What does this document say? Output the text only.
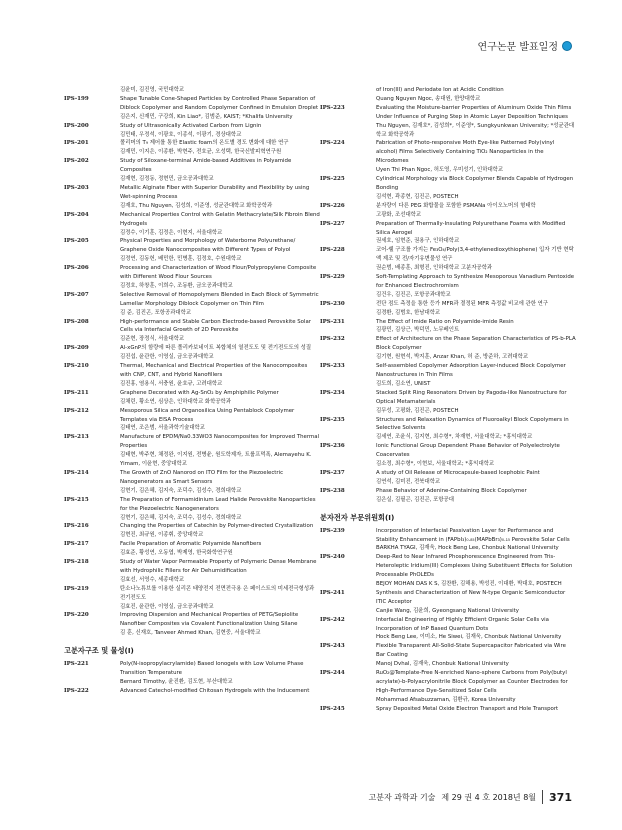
연구논문 발표일정
김윤미, 김진영, 국민대학교
IPS-199	Shape Tunable Cone-Shaped Particles by Controlled Phase Separation of Diblock Copolymer and Random Copolymer Confined in Emulsion Droplet
김은지, 신재민, 구강희, Kin Liao*, 김범준, KAIST; *Khalifa University
IPS-200	Study of Ultrasonically Activated Carbon from Lignin
김민태, 우정석, 이광호, 이종석, 이광기, 경상대학교
IPS-201	폴리머의 T₉ 제어를 통한 Elastic foam의 온도별 경도 변화에 대한 연구
김재민, 이지은, 이종환, 박현주, 전호균, 오성택, 한국신발피혁연구원
IPS-202	Study of Siloxane-terminal Amide-based Additives in Polyamide Composites
김재현, 김정동, 정현민, 금오공과대학교
IPS-203	Metallic Alginate Fiber with Superior Durability and Flexibility by using Wet-spinning Process
김재호, Thu Nguyen, 김성희, 이준영, 성균관대학교 화학공학과
IPS-204	Mechanical Properties Control with Gelatin Methacrylate/Silk Fibroin Blend Hydrogels
김정수, 이기훈, 김정은, 이현지, 서울대학교
IPS-205	Physical Properties and Morphology of Waterborne Polyurethane/ Graphene Oxide Nanocomposites with Different Types of Polyol
김정연, 김동헌, 배민한, 민병훈, 김정호, 수원대학교
IPS-206	Processing and Characterization of Wood Flour/Polypropylene Composite with Different Wood Flour Sources
김정호, 하창훈, 이희수, 조동환, 금오공과대학교
IPS-207	Selective Removal of Homopolymers Blended in Each Block of Symmetric Lamellar Morphology Diblock Copolymer on Thin Film
김 준, 김진곤, 포항공과대학교
IPS-208	High-performance and Stable Carbon Electrode-based Perovskite Solar Cells via Interfacial Growth of 2D Perovskite
김준현, 장정식, 서울대학교
IPS-209	Al-xGnP의 함량에 따른 폴리카보네이트 복합체의 열전도도 및 전기전도도의 성질
김진섭, 윤관한, 이영실, 금오공과대학교
IPS-210	Thermal, Mechanical and Electrical Properties of the Nanocomposites with CNP, CNT, and Hybrid Nanofillers
김진홍, 염용식, 서충원, 윤호규, 고려대학교
IPS-211	Graphene Decorated with Ag-SnO₂ by Amphiphilic Polymer
김채린, 황소연, 심상은, 인하대학교 화학공학과
IPS-212	Mesoporous Silica and Organosilica Using Pentablock Copolymer Templates via EISA Process
김태연, 조은범, 서울과학기술대학교
IPS-213	Manufacture of EPDM/Na0.33WO3 Nanocomposites for Improved Thermal Properties
김태현, 박주현, 채정완, 이지원, 전병윤, 원도학제자, 트룹프먹폭, Alemayehu K. Yimam, 이윤현, 중앙대학교
IPS-214	The Growth of ZnO Nanorod on ITO Film for the Piezoelectric Nanogenerators as Smart Sensors
김현기, 김은혜, 김지숙, 조덕수, 김성수, 경희대학교
IPS-215	The Preparation of Formamidinium Lead Halide Perovskite Nanoparticles for the Piezoelectric Nanogenerators
김현기, 김은혜, 김지숙, 조덕수, 김성수, 경희대학교
IPS-216	Changing the Properties of Catechin by Polymer-directed Crystallization
김현진, 최규원, 이종휘, 중앙대학교
IPS-217	Facile Preparation of Aromatic Polyamide Nanofibers
김효준, 황성연, 오동엽, 박제영, 한국화학연구원
IPS-218	Study of Water Vapor Permeable Property of Polymeric Dense Membrane with Hydrophilic Fillers for Air Dehumidification
김효선, 서영수, 세종대학교
IPS-219	탄소나노튜브를 이용한 실리콘 태양전지 전면전극용 은 페이스트의 미세전극형성과 전기전도도
김효진, 윤관한, 이영실, 금오공과대학교
IPS-220	Improving Dispersion and Mechanical Properties of PETG/Sepiolite Nanofiber Composites via Covalent Functionalization Using Silane
김 훈, 신재호, Tanveer Ahmed Khan, 김현중, 서울대학교
고분자구조 및 물성(I)
IPS-221	Poly(N-isopropylacrylamide) Based Ionogels with Low Volume Phase Transition Temperature
Bernard Timothy, 윤진환, 김도현, 부산대학교
IPS-222	Advanced Catechol-modified Chitosan Hydrogels with the Inducement
of Iron(III) and Periodate Ion at Acidic Condition
Quang Nguyen Ngoc, 송대원, 한양대학교
IPS-223	Evaluating the Moisture-barrier Properties of Aluminum Oxide Thin Films Under Influence of Purging Step in Atomic Layer Deposition Techniques
Thu Nguyen, 김재호*, 김성희*, 이준영*, Sungkyunkwan University; *성균관대학교 화학공학과
IPS-224	Fabrication of Photo-responsive Moth Eye-like Patterned Poly(vinyl alcohol) Films Selectively Containing TiO₂ Nanoparticles in the Microdomes
Uyen Thi Phan Ngoc, 허도영, 우미성기, 인하대학교
IPS-225	Cylindrical Morphology via Block Copolymer Blends Capable of Hydrogen Bonding
김석현, 곽종현, 김진곤, POSTECH
IPS-226	분자량이 다른 PEG 화합물을 포함한 PSMANa 아이오노머의 형태학
고광화, 조선대학교
IPS-227	Preparation of Thermally-Insulating Polyurethane Foams with Modified Silica Aerogel
권세호, 임현준, 권용구, 인하대학교
IPS-228	코어-쉘 구조를 가지는 Fe₃O₄/Poly(3,4-ethylenedioxythiophene) 입자 기반 현탁액 제조 및 전/자기유변물성 연구
권순범, 배종훈, 최형진, 인하대학교 고분자공학과
IPS-229	Soft-Templating Approach to Synthesize Mesoporous Vanadium Pentoxide for Enhanced Electrochromism
김건우, 김진곤, 포항공과대학교
IPS-230	전단 점도 측정을 통한 등가 MFR과 결정된 MFR 측정값 비교에 관한 연구
김경환, 김범호, 한남대학교
IPS-231	The Effect of Imide Ratio on Polyamide-imide Resin
김광민, 김상근, 박덕민, 노무베인트
IPS-232	Effect of Architecture on the Phase Separation Characteristics of PS-b-PLA Block Copolymer
김기현, 원현석, 박지훈, Anzar Khan, 허 준, 방준하, 고려대학교
IPS-233	Self-assembled Copolymer Adsorption Layer-induced Block Copolymer Nanostructures in Thin Films
김도희, 김소연, UNIST
IPS-234	Stacked Split Ring Resonators Driven by Pagoda-like Nanostructure for Optical Metamaterials
김무성, 고평화, 김진곤, POSTECH
IPS-235	Structures and Relaxation Dynamics of Fluoroalkyl Block Copolymers in Selective Solvents
김세연, 조윤식, 김지현, 최수형*, 차재현, 서울대학교; *홍익대학교
IPS-236	Ionic Functional Group Dependent Phase Behavior of Polyelectrolyte Coacervates
김소정, 최수형*, 이현보, 서울대학교; *홍익대학교
IPS-237	A study of Oil Release of Microcapsule-based Icephobic Paint
김연석, 김미진, 전북대학교
IPS-238	Phase Behavior of Adenine-Containing Block Copolymer
김은실, 김필곤, 김진곤, 포항공대
분자전자 부문위원회(I)
IPS-239	Incorporation of Interfacial Passivation Layer for Performance and Stability Enhancement in (FAPbI₃)₀.₈₅(MAPbBr₃)₀.₁₅ Perovskite Solar Cells
BARKHA TYAGI, 김재욱, Hock Beng Lee, Chonbuk National University
IPS-240	Deep-Red to Near Infrared Phosphorescence Engineered from Tris-Heteroleptic Iridium(III) Complexes Using Substituent Effects for Solution Processable PhOLEDs
BEJOY MOHAN DAS K S, 김찬환, 김해용, 박성진, 이대환, 박대호, POSTECH
IPS-241	Synthesis and Characterization of New N-type Organic Semiconductor ITIC Acceptor
Canjie Wang, 김윤희, Gyeongsang National University
IPS-242	Interfacial Engineering of Highly Efficient Organic Solar Cells via Incorporation of InP Based Quantum Dots
Hock Beng Lee, 이미소, He Siwei, 김재욱, Chonbuk National University
IPS-243	Flexible Transparent All-Solid-State Supercapacitor Fabricated via Wire Bar Coating
Manoj Dvhal, 김재욱, Chonbuk National University
IPS-244	RuO₂@Template-Free N-enriched Nano-sphere Carbons from Poly(butyl acrylate)-b-Polyacrylonitrile Block Copolymer as Counter Electrodes for High-Performance Dye-Sensitized Solar Cells
Mohammad Afsabuzzaman, 김환규, Korea University
IPS-245	Spray Deposited Metal Oxide Electron Transport and Hole Transport
고분자 과학과 기술 제 29 권 4 호 2018년 8월 371
